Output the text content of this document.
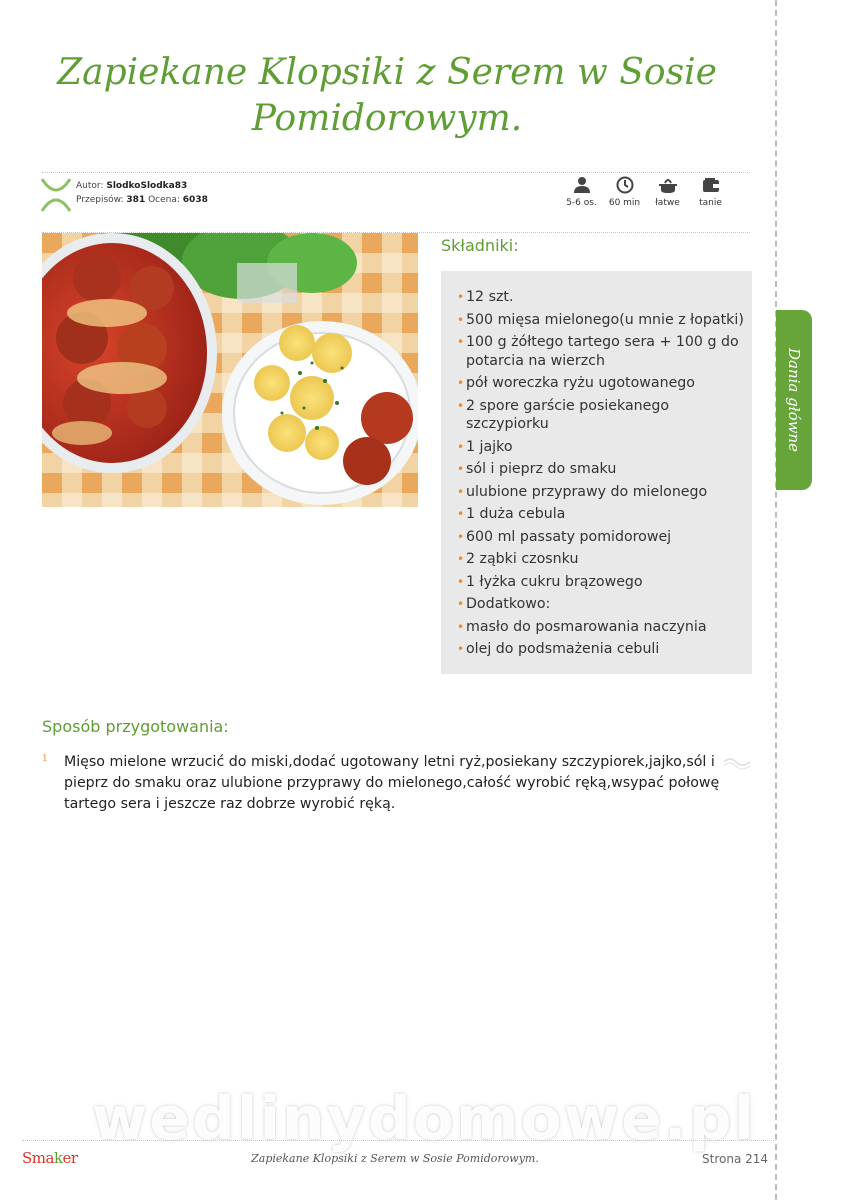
Dania główne
Zapiekane Klopsiki z Serem w Sosie Pomidorowym.
Autor: SlodkoSlodka83
Przepisów: 381 Ocena: 6038	5-6 os.	60 min	łatwe	tanie
Składniki:
• 12 szt.
• 500 mięsa mielonego(u mnie z łopatki)
• 100 g żółtego tartego sera + 100 g do potarcia na wierzch
• pół woreczka ryżu ugotowanego
• 2 spore garście posiekanego szczypiorku
• 1 jajko
• sól i pieprz do smaku
• ulubione przyprawy do mielonego
• 1 duża cebula
• 600 ml passaty pomidorowej
• 2 ząbki czosnku
• 1 łyżka cukru brązowego
• Dodatkowo:
• masło do posmarowania naczynia
• olej do podsmażenia cebuli
Sposób przygotowania:
1	Mięso mielone wrzucić do miski,dodać ugotowany letni ryż,posiekany szczypiorek,jajko,sól i pieprz do smaku oraz ulubione przyprawy do mielonego,całość wyrobić ręką,wsypać połowę tartego sera i jeszcze raz dobrze wyrobić ręką.
wedlinydomowe.pl
Smaker	Zapiekane Klopsiki z Serem w Sosie Pomidorowym.	Strona 214
